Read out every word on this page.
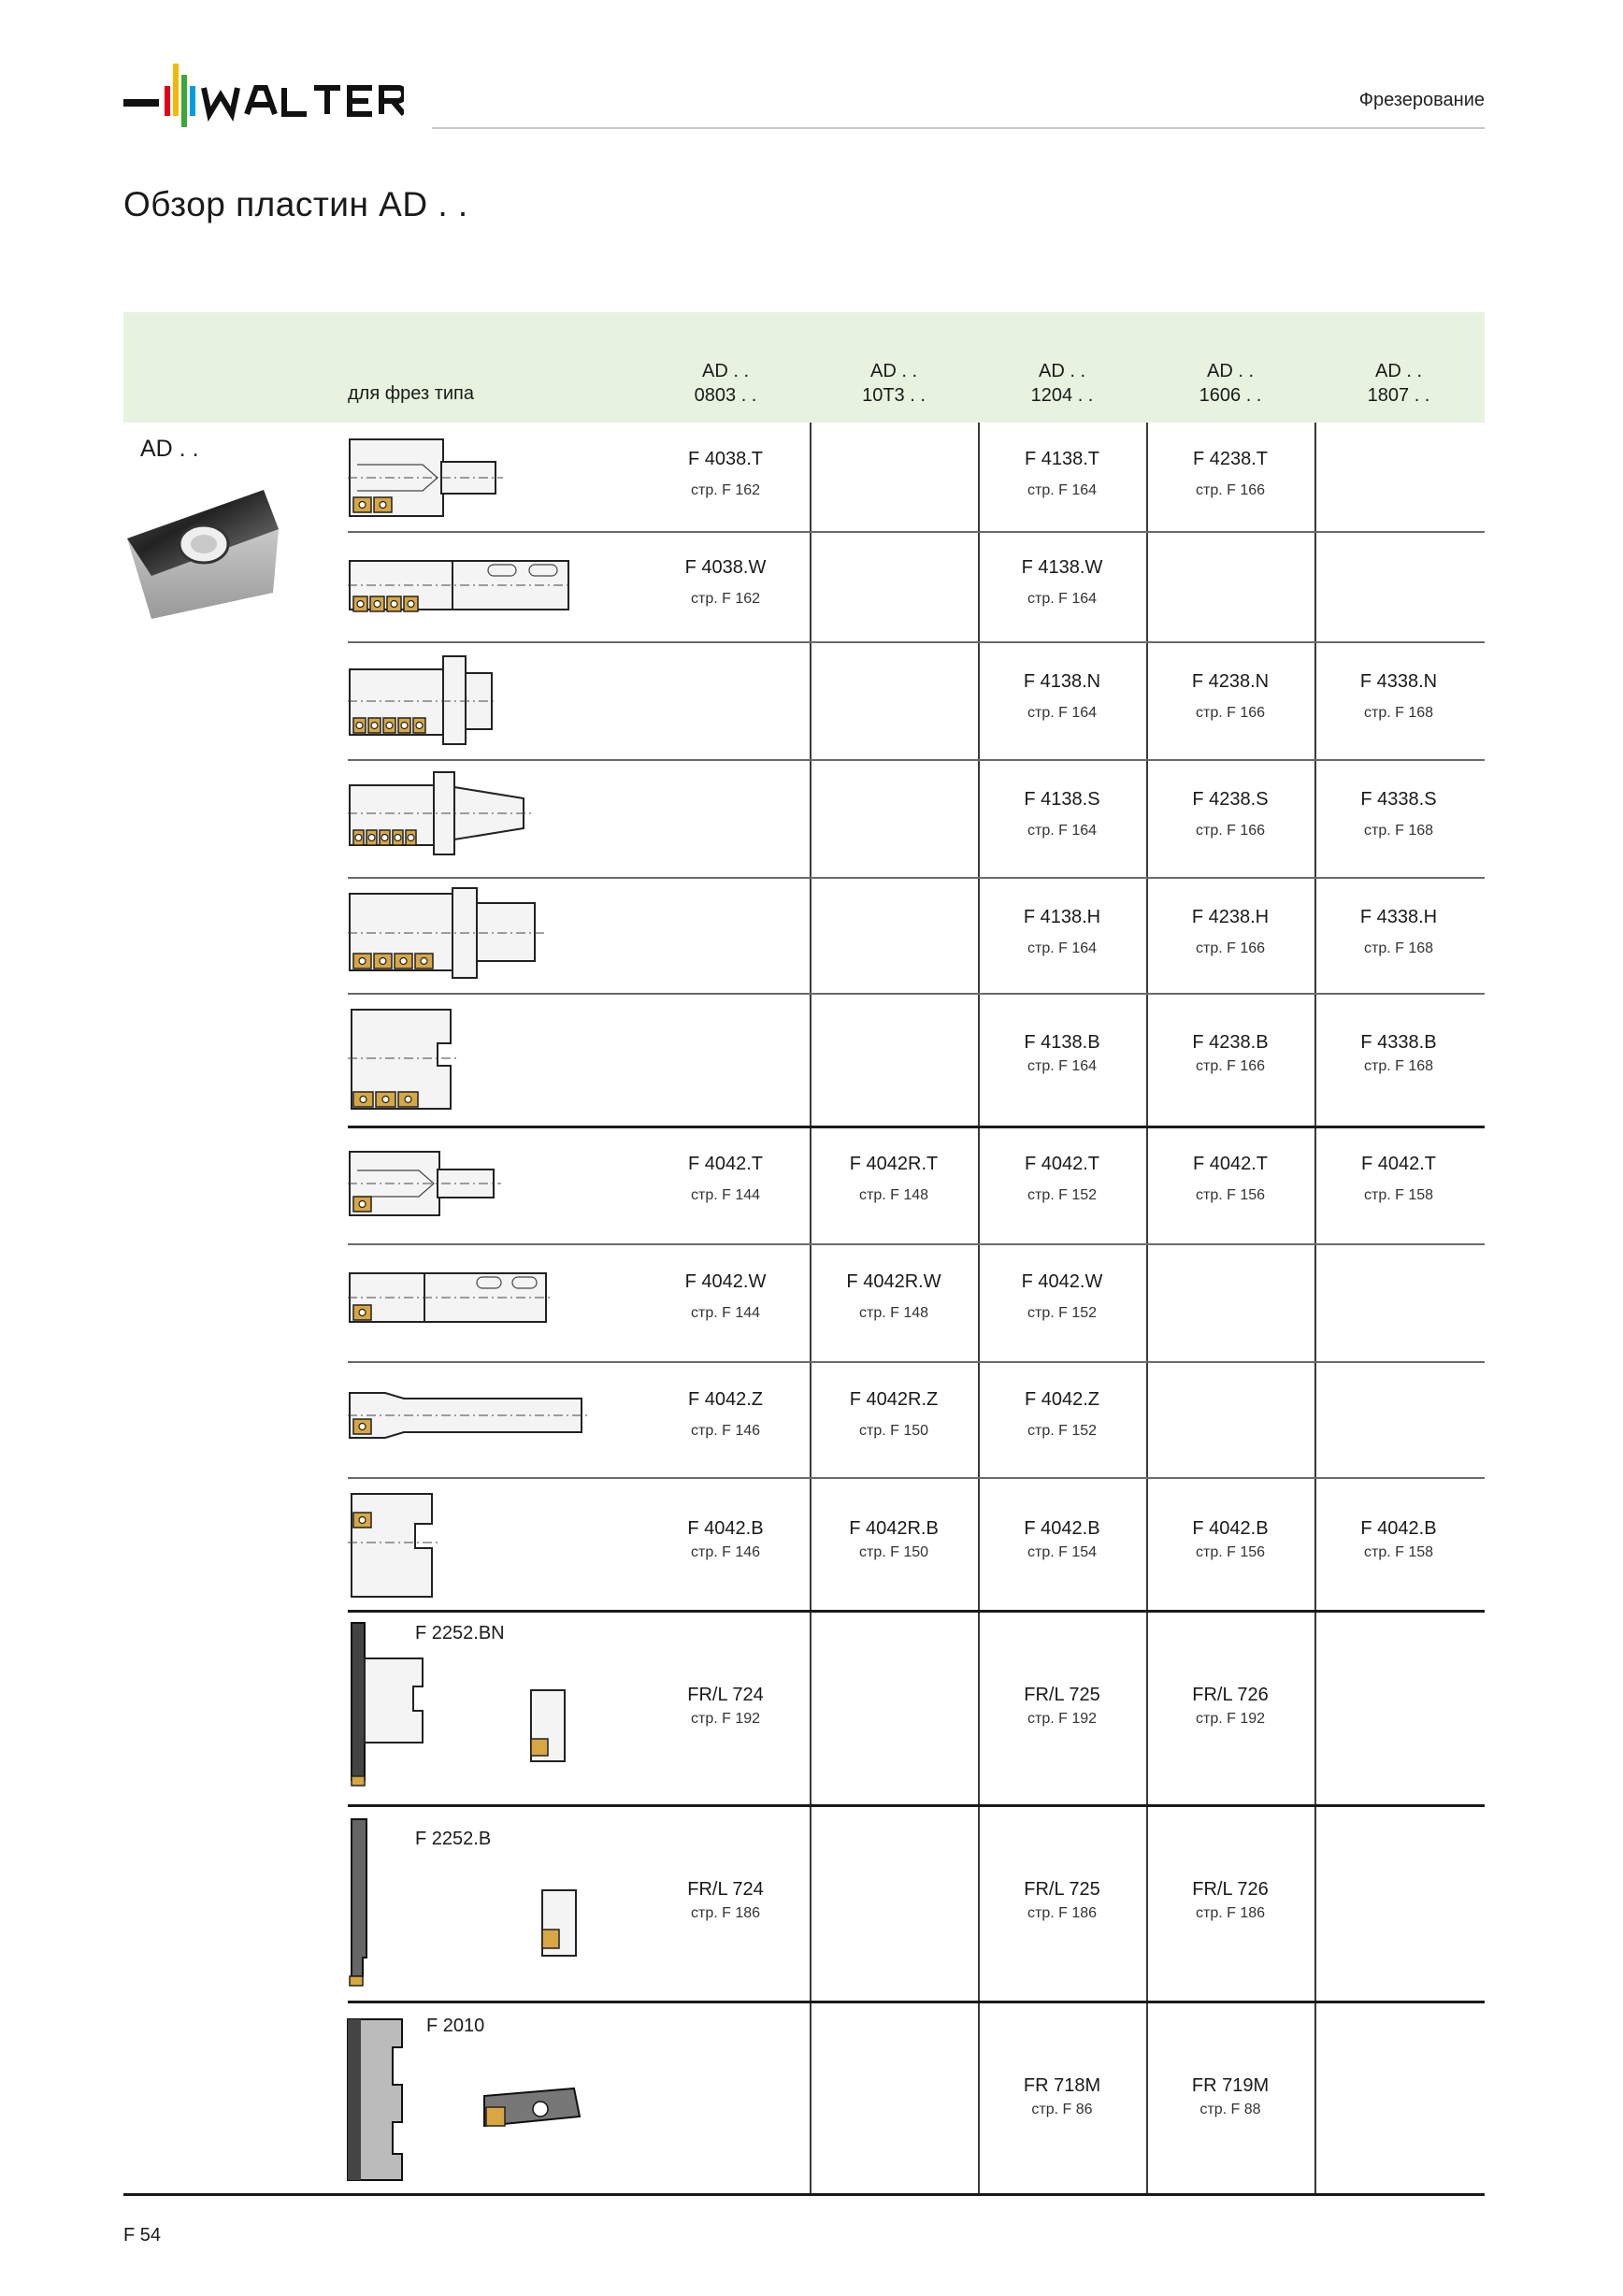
Фрезерование
Обзор пластин AD . .
для фрез типа
AD . .
0803 . .
AD . .
10T3 . .
AD . .
1204 . .
AD . .
1606 . .
AD . .
1807 . .
AD . .
F 2252.BN
F 2252.B
F 2010
F 4038.T
стр. F 162
F 4138.T
стр. F 164
F 4238.T
стр. F 166
F 4038.W
стр. F 162
F 4138.W
стр. F 164
F 4138.N
стр. F 164
F 4238.N
стр. F 166
F 4338.N
стр. F 168
F 4138.S
стр. F 164
F 4238.S
стр. F 166
F 4338.S
стр. F 168
F 4138.H
стр. F 164
F 4238.H
стр. F 166
F 4338.H
стр. F 168
F 4138.B
стр. F 164
F 4238.B
стр. F 166
F 4338.B
стр. F 168
F 4042.T
стр. F 144
F 4042R.T
стр. F 148
F 4042.T
стр. F 152
F 4042.T
стр. F 156
F 4042.T
стр. F 158
F 4042.W
стр. F 144
F 4042R.W
стр. F 148
F 4042.W
стр. F 152
F 4042.Z
стр. F 146
F 4042R.Z
стр. F 150
F 4042.Z
стр. F 152
F 4042.B
стр. F 146
F 4042R.B
стр. F 150
F 4042.B
стр. F 154
F 4042.B
стр. F 156
F 4042.B
стр. F 158
FR/L 724
стр. F 192
FR/L 725
стр. F 192
FR/L 726
стр. F 192
FR/L 724
стр. F 186
FR/L 725
стр. F 186
FR/L 726
стр. F 186
FR 718M
стр. F 86
FR 719M
стр. F 88
F 54
